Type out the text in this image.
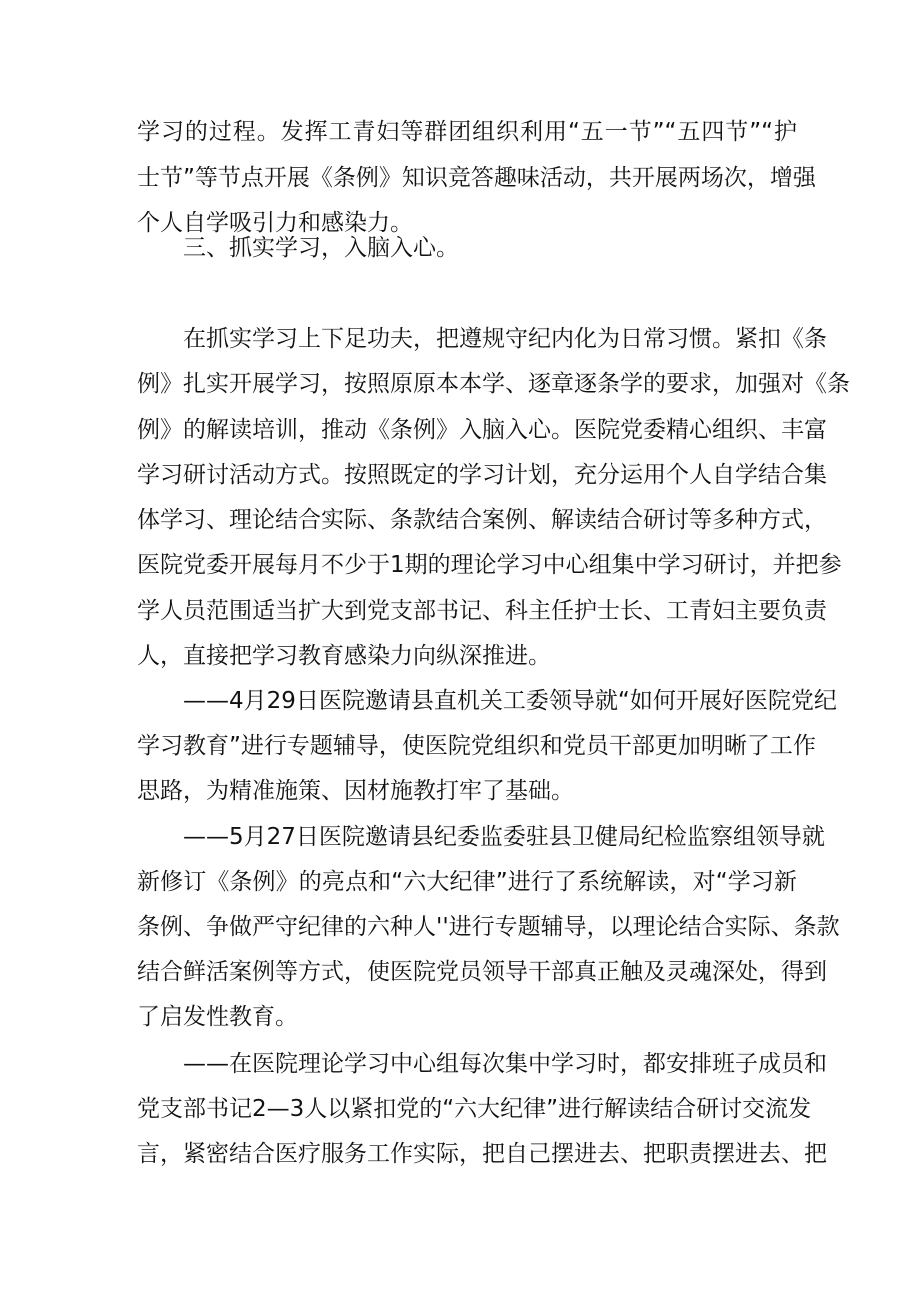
学习的过程。发挥工青妇等群团组织利用“五一节”“五四节”“护
士节”等节点开展《条例》知识竞答趣味活动，共开展两场次，增强
个人自学吸引力和感染力。
三、抓实学习，入脑入心。
在抓实学习上下足功夫，把遵规守纪内化为日常习惯。紧扣《条
例》扎实开展学习，按照原原本本学、逐章逐条学的要求，加强对《条
例》的解读培训，推动《条例》入脑入心。医院党委精心组织、丰富
学习研讨活动方式。按照既定的学习计划，充分运用个人自学结合集
体学习、理论结合实际、条款结合案例、解读结合研讨等多种方式，
医院党委开展每月不少于1期的理论学习中心组集中学习研讨，并把参
学人员范围适当扩大到党支部书记、科主任护士长、工青妇主要负责
人，直接把学习教育感染力向纵深推进。
——4月29日医院邀请县直机关工委领导就“如何开展好医院党纪
学习教育”进行专题辅导，使医院党组织和党员干部更加明晰了工作
思路，为精准施策、因材施教打牢了基础。
——5月27日医院邀请县纪委监委驻县卫健局纪检监察组领导就
新修订《条例》的亮点和“六大纪律”进行了系统解读，对“学习新
条例、争做严守纪律的六种人''进行专题辅导，以理论结合实际、条款
结合鲜活案例等方式，使医院党员领导干部真正触及灵魂深处，得到
了启发性教育。
——在医院理论学习中心组每次集中学习时，都安排班子成员和
党支部书记2—3人以紧扣党的“六大纪律”进行解读结合研讨交流发
言，紧密结合医疗服务工作实际，把自己摆进去、把职责摆进去、把
